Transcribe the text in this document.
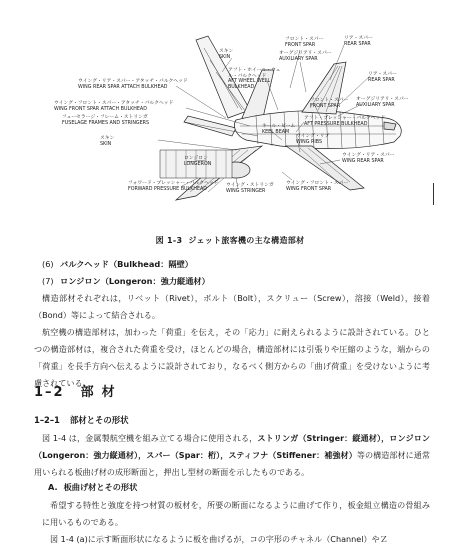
スキン
SKIN
フロント・スパー
FRONT SPAR
リア・スパー
REAR SPAR
オーグジリアリ・スパー
AUXILIARY SPAR
アフト・ホイール・ウェル・バルクヘッド
AFT WHEEL WELL BULKHEAD
ウイング・リア・スパー・アタッチ・バルクヘッド
WING REAR SPAR ATTACH BULKHEAD
リア・スパー
REAR SPAR
ウイング・フロント・スパー・アタッチ・バルクヘッド
WING FRONT SPAR ATTACH BULKHEAD
フロント・スパー
FRONT SPAR
オーグジリアリ・スパー
AUXILIARY SPAR
フューセラージ・フレーム・ストリンガ
FUSELAGE FRAMES AND STRINGERS
アフト・プレッシャー・バルクヘッド
AFT PRESSURE BULKHEAD
キール・ビーム
KEEL BEAM
スキン
SKIN
ウイング・リブ
WING RIBS
ウイング・リア・スパー
WING REAR SPAR
ロンジロン
LONGERON
フォワード・プレッシャー・バルクヘッド
FORWARD PRESSURE BULKHEAD
ウイング・ストリンガ
WING STRINGER
ウイング・フロント・スパー
WING FRONT SPAR
図 1-3 ジェット旅客機の主な構造部材
(6) バルクヘッド（Bulkhead：隔壁）
(7) ロンジロン（Longeron：強力縦通材）
構造部材それぞれは，リベット（Rivet），ボルト（Bolt），スクリュー（Screw），溶接（Weld），接着（Bond）等によって結合される。
航空機の構造部材は，加わった「荷重」を伝え，その「応力」に耐えられるように設計されている。ひとつの構造部材は，複合された荷重を受け，ほとんどの場合，構造部材には引張りや圧縮のような，端からの「荷重」を長手方向へ伝えるように設計されており，なるべく側方からの「曲げ荷重」を受けないように考慮されている。
1–2 部材
1–2–1 部材とその形状
図 1-4 は，金属製航空機を組み立てる場合に使用される，ストリンガ（Stringer：縦通材），ロンジロン（Longeron：強力縦通材），スパー（Spar：桁），スティフナ（Stiffener：補強材）等の構造部材に通常用いられる板曲げ材の成形断面と，押出し型材の断面を示したものである。
A. 板曲げ材とその形状
希望する特性と強度を持つ材質の板材を，所要の断面になるように曲げて作り，板金組立構造の骨組みに用いるものである。
図 1-4 (a)に示す断面形状になるように板を曲げるが，コの字形のチャネル（Channel）やＺ
